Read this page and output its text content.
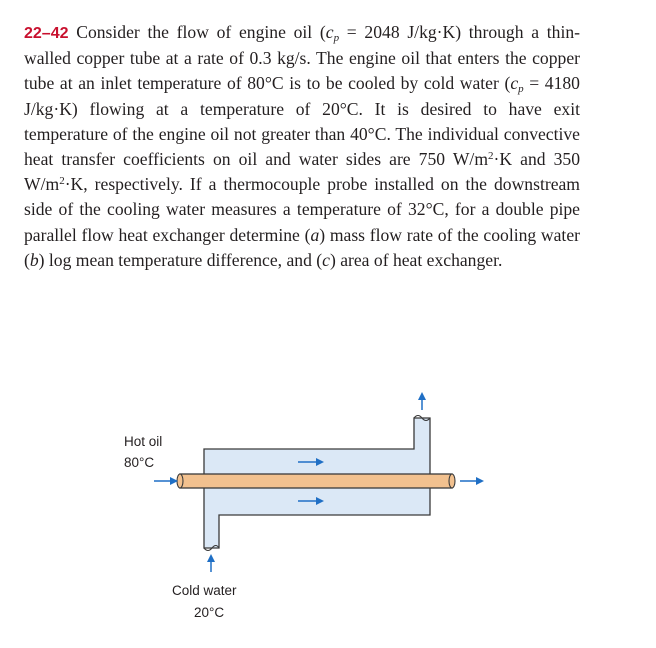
22–42 Consider the flow of engine oil ($c_p = 2048$ J/kg·K) through a thin-walled copper tube at a rate of 0.3 kg/s. The engine oil that enters the copper tube at an inlet temperature of 80°C is to be cooled by cold water ($c_p = 4180$ J/kg·K) flowing at a temperature of 20°C. It is desired to have exit temperature of the engine oil not greater than 40°C. The individual convective heat transfer coefficients on oil and water sides are 750 $W/m^2\cdot K$ and 350 $W/m^2\cdot K$, respectively. If a thermocouple probe installed on the downstream side of the cooling water measures a temperature of 32°C, for a double pipe parallel flow heat exchanger determine (a) mass flow rate of the cooling water (b) log mean temperature difference, and (c) area of heat exchanger.
Hot oil
80°C
Cold water
20°C
